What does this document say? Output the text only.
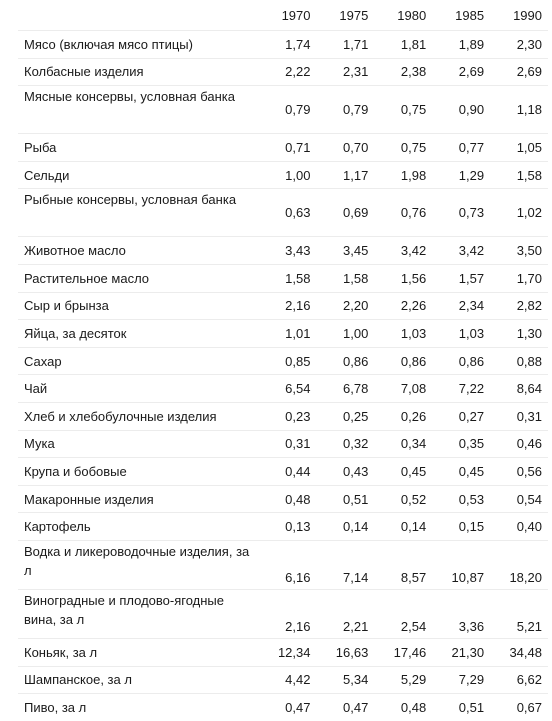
	1970	1975	1980	1985	1990
Мясо (включая мясо птицы)	1,74	1,71	1,81	1,89	2,30
Колбасные изделия	2,22	2,31	2,38	2,69	2,69
Мясные консервы, условная банка	0,79	0,79	0,75	0,90	1,18
Рыба	0,71	0,70	0,75	0,77	1,05
Сельди	1,00	1,17	1,98	1,29	1,58
Рыбные консервы, условная банка	0,63	0,69	0,76	0,73	1,02
Животное масло	3,43	3,45	3,42	3,42	3,50
Растительное масло	1,58	1,58	1,56	1,57	1,70
Сыр и брынза	2,16	2,20	2,26	2,34	2,82
Яйца, за десяток	1,01	1,00	1,03	1,03	1,30
Сахар	0,85	0,86	0,86	0,86	0,88
Чай	6,54	6,78	7,08	7,22	8,64
Хлеб и хлебобулочные изделия	0,23	0,25	0,26	0,27	0,31
Мука	0,31	0,32	0,34	0,35	0,46
Крупа и бобовые	0,44	0,43	0,45	0,45	0,56
Макаронные изделия	0,48	0,51	0,52	0,53	0,54
Картофель	0,13	0,14	0,14	0,15	0,40
Водка и ликероводочные изделия, за л	6,16	7,14	8,57	10,87	18,20
Виноградные и плодово-ягодные вина, за л	2,16	2,21	2,54	3,36	5,21
Коньяк, за л	12,34	16,63	17,46	21,30	34,48
Шампанское, за л	4,42	5,34	5,29	7,29	6,62
Пиво, за л	0,47	0,47	0,48	0,51	0,67
